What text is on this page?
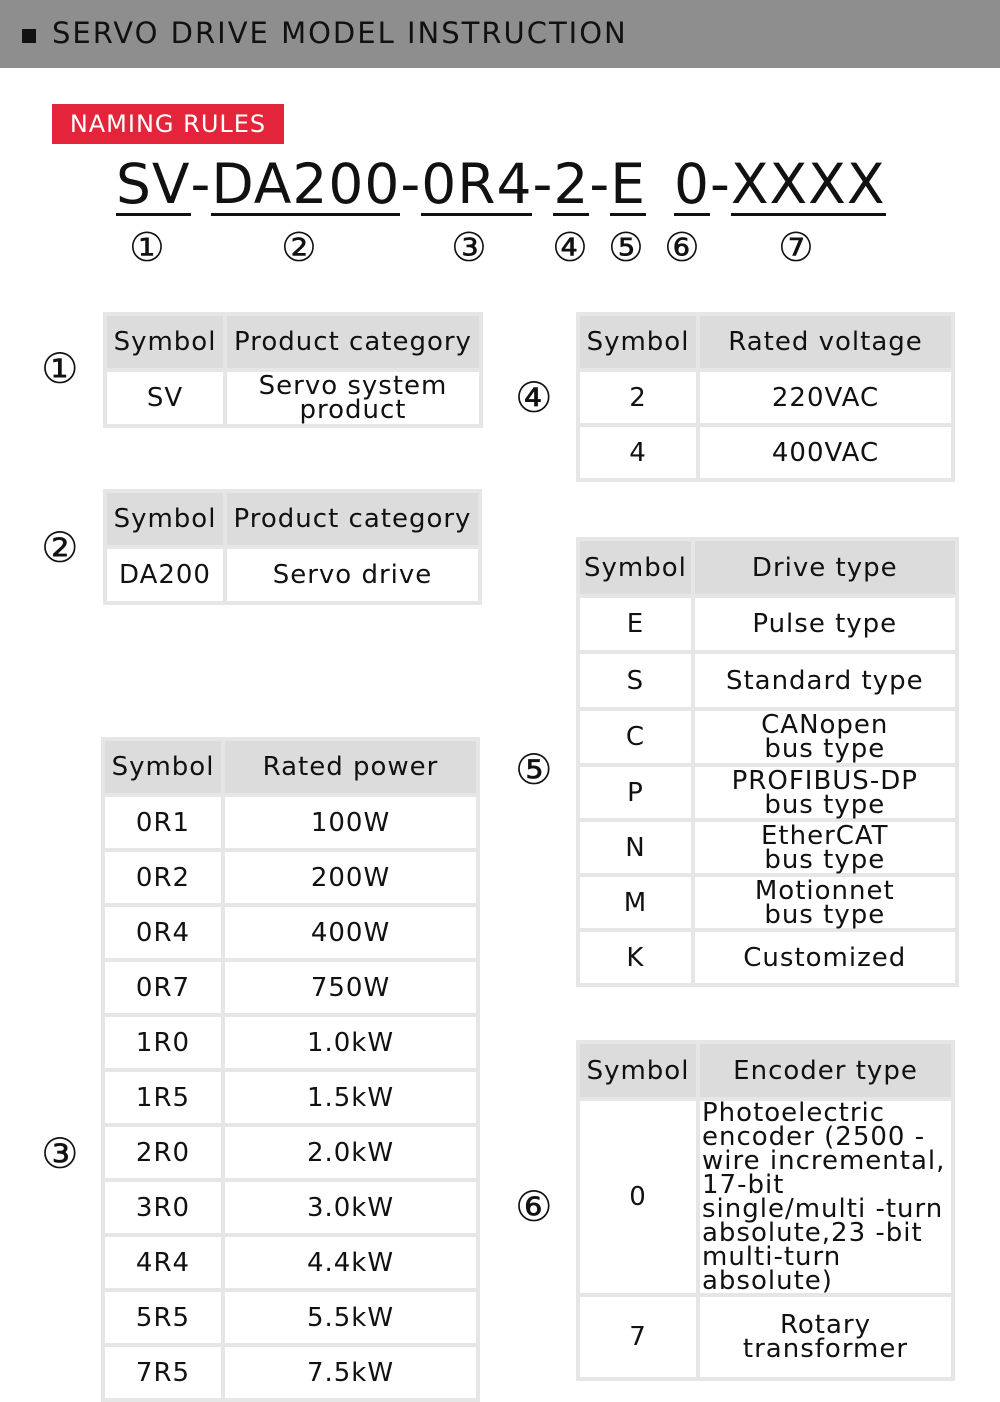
SERVO DRIVE MODEL INSTRUCTION
NAMING RULES
SV-DA200-0R4-2-E 0-XXXX
①	②	③ ④ ⑤ ⑥ ⑦
①
②
③
④
⑤
⑥
Symbol	Product category
SV	Servo system product
Symbol	Product category
DA200	Servo drive
Symbol	Rated power
0R1	100W
0R2	200W
0R4	400W
0R7	750W
1R0	1.0kW
1R5	1.5kW
2R0	2.0kW
3R0	3.0kW
4R4	4.4kW
5R5	5.5kW
7R5	7.5kW
Symbol	Rated voltage
2	220VAC
4	400VAC
Symbol	Drive type
E	Pulse type
S	Standard type
C	CANopen bus type
P	PROFIBUS-DP bus type
N	EtherCAT bus type
M	Motionnet bus type
K	Customized
Symbol	Encoder type
0	Photoelectric encoder (2500 -wire incremental, 17-bit single/multi -turn absolute,23 -bit multi-turn absolute)
7	Rotary transformer
